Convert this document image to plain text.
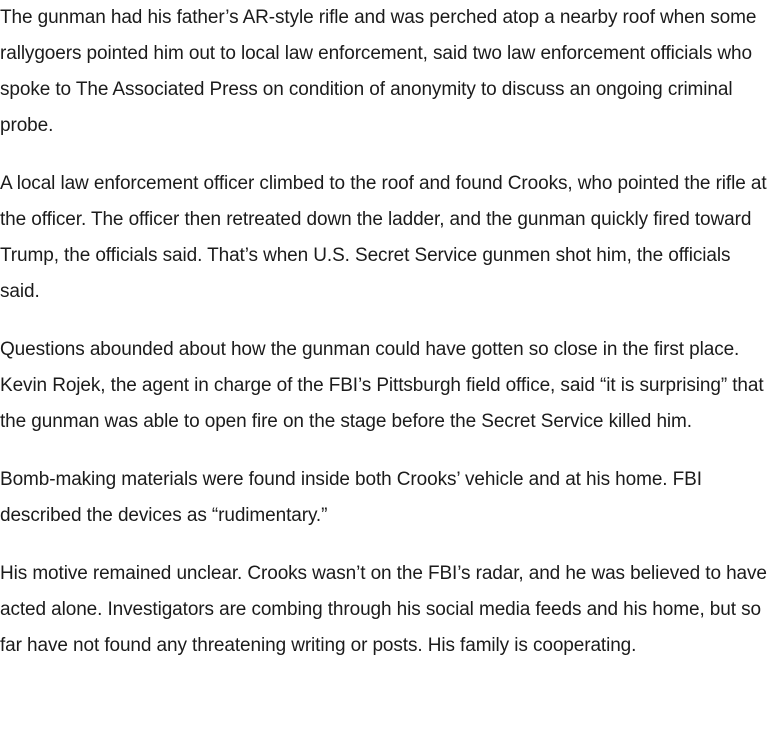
The gunman had his father’s AR-style rifle and was perched atop a nearby roof when some rallygoers pointed him out to local law enforcement, said two law enforcement officials who spoke to The Associated Press on condition of anonymity to discuss an ongoing criminal probe.

A local law enforcement officer climbed to the roof and found Crooks, who pointed the rifle at the officer. The officer then retreated down the ladder, and the gunman quickly fired toward Trump, the officials said. That’s when U.S. Secret Service gunmen shot him, the officials said.

Questions abounded about how the gunman could have gotten so close in the first place. Kevin Rojek, the agent in charge of the FBI’s Pittsburgh field office, said “it is surprising” that the gunman was able to open fire on the stage before the Secret Service killed him.

Bomb-making materials were found inside both Crooks’ vehicle and at his home. FBI described the devices as “rudimentary.”

His motive remained unclear. Crooks wasn’t on the FBI’s radar, and he was believed to have acted alone. Investigators are combing through his social media feeds and his home, but so far have not found any threatening writing or posts. His family is cooperating.
